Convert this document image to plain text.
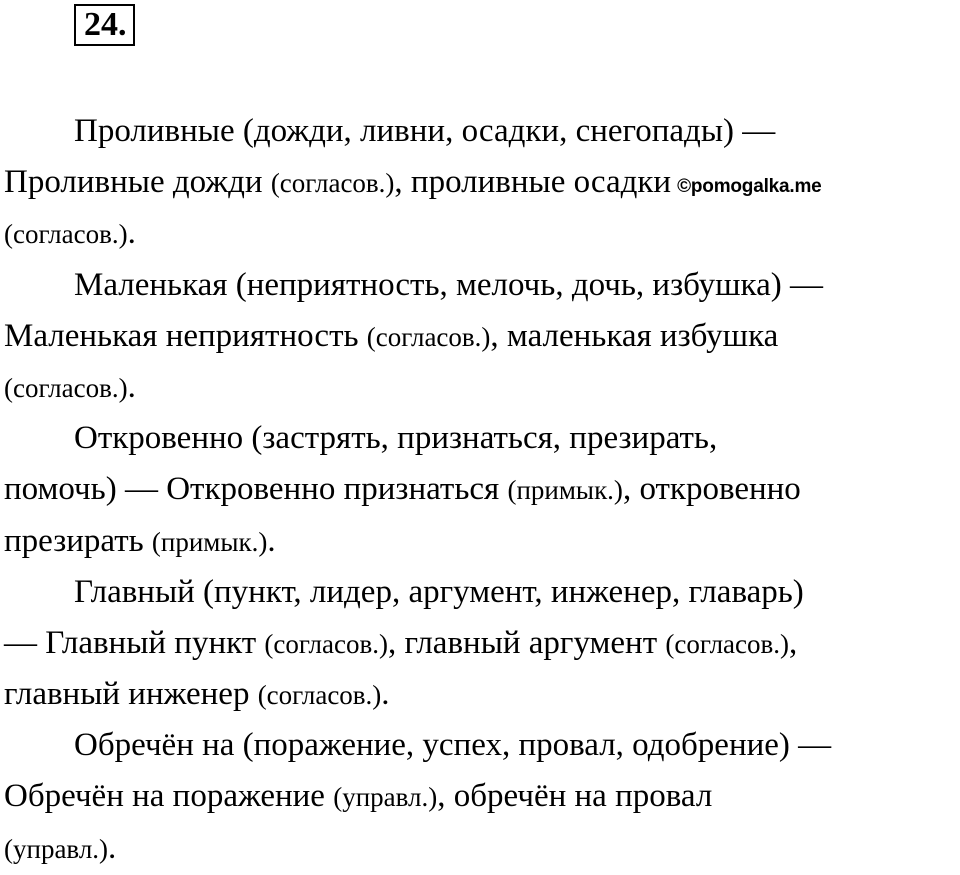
24.

Проливные (дожди, ливни, осадки, снегопады) —
Проливные дожди (согласов.), проливные осадки ©pomogalka.me
(согласов.).

Маленькая (неприятность, мелочь, дочь, избушка) —
Маленькая неприятность (согласов.), маленькая избушка
(согласов.).

Откровенно (застрять, признаться, презирать,
помочь) — Откровенно признаться (примык.), откровенно
презирать (примык.).

Главный (пункт, лидер, аргумент, инженер, главарь)
— Главный пункт (согласов.), главный аргумент (согласов.),
главный инженер (согласов.).

Обречён на (поражение, успех, провал, одобрение) —
Обречён на поражение (управл.), обречён на провал
(управл.).
